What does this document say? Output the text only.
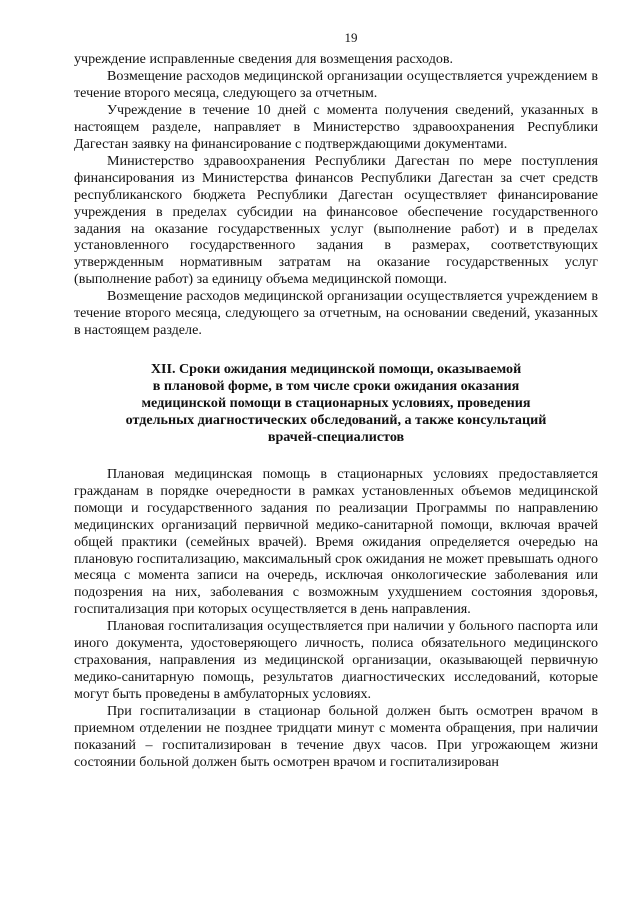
19

учреждение исправленные сведения для возмещения расходов.

Возмещение расходов медицинской организации осуществляется учреждением в течение второго месяца, следующего за отчетным.

Учреждение в течение 10 дней с момента получения сведений, указанных в настоящем разделе, направляет в Министерство здравоохранения Республики Дагестан заявку на финансирование с подтверждающими документами.

Министерство здравоохранения Республики Дагестан по мере поступления финансирования из Министерства финансов Республики Дагестан за счет средств республиканского бюджета Республики Дагестан осуществляет финансирование учреждения в пределах субсидии на финансовое обеспечение государственного задания на оказание государственных услуг (выполнение работ) и в пределах установленного государственного задания в размерах, соответствующих утвержденным нормативным затратам на оказание государственных услуг (выполнение работ) за единицу объема медицинской помощи.

Возмещение расходов медицинской организации осуществляется учреждением в течение второго месяца, следующего за отчетным, на основании сведений, указанных в настоящем разделе.

XII. Сроки ожидания медицинской помощи, оказываемой
в плановой форме, в том числе сроки ожидания оказания
медицинской помощи в стационарных условиях, проведения
отдельных диагностических обследований, а также консультаций
врачей-специалистов

Плановая медицинская помощь в стационарных условиях предоставляется гражданам в порядке очередности в рамках установленных объемов медицинской помощи и государственного задания по реализации Программы по направлению медицинских организаций первичной медико-санитарной помощи, включая врачей общей практики (семейных врачей). Время ожидания определяется очередью на плановую госпитализацию, максимальный срок ожидания не может превышать одного месяца с момента записи на очередь, исключая онкологические заболевания или подозрения на них, заболевания с возможным ухудшением состояния здоровья, госпитализация при которых осуществляется в день направления.

Плановая госпитализация осуществляется при наличии у больного паспорта или иного документа, удостоверяющего личность, полиса обязательного медицинского страхования, направления из медицинской организации, оказывающей первичную медико-санитарную помощь, результатов диагностических исследований, которые могут быть проведены в амбулаторных условиях.

При госпитализации в стационар больной должен быть осмотрен врачом в приемном отделении не позднее тридцати минут с момента обращения, при наличии показаний – госпитализирован в течение двух часов. При угрожающем жизни состоянии больной должен быть осмотрен врачом и госпитализирован
